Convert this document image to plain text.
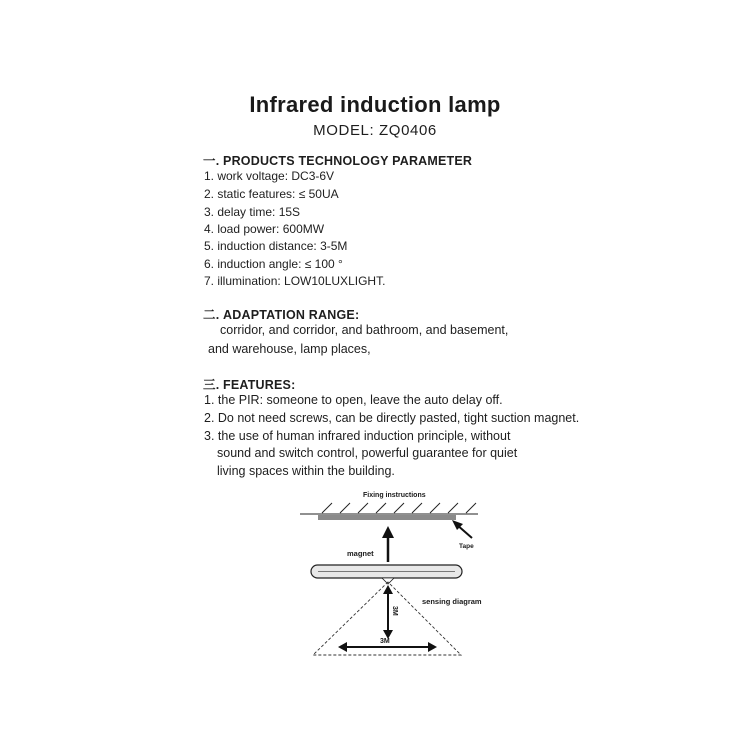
Infrared induction lamp
MODEL: ZQ0406
一. PRODUCTS TECHNOLOGY PARAMETER
1. work voltage: DC3-6V
2. static features: ≤ 50UA
3. delay time: 15S
4. load power: 600MW
5. induction distance: 3-5M
6. induction angle: ≤ 100 °
7. illumination: LOW10LUXLIGHT.
二. ADAPTATION RANGE:
corridor, and corridor, and bathroom, and basement,
and warehouse, lamp places,
三. FEATURES:
1. the PIR: someone to open, leave the auto delay off.
2. Do not need screws, can be directly pasted, tight suction magnet.
3. the use of human infrared induction principle, without
sound and switch control, powerful guarantee for quiet
living spaces within the building.
Fixing instructions
Tape
magnet
3M
3M
sensing diagram
